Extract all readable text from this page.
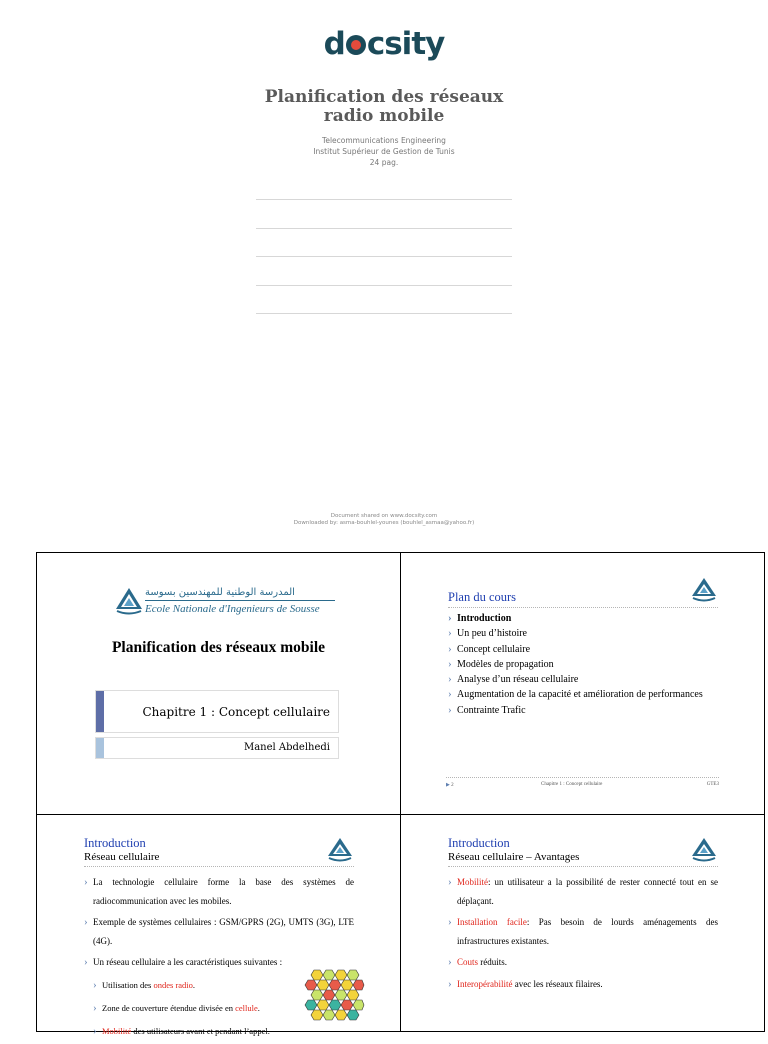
d csity
Planification des réseaux
radio mobile
Telecommunications Engineering
Institut Supérieur de Gestion de Tunis
24 pag.
Document shared on www.docsity.com
Downloaded by: asma-bouhlel-younes (bouhlel_asmaa@yahoo.fr)
المدرسة الوطنية للمهندسين بسوسة
Ecole Nationale d'Ingenieurs de Sousse
Planification des réseaux mobile
Chapitre 1 : Concept cellulaire
Manel Abdelhedi
Plan du cours
› Introduction
› Un peu d’histoire
› Concept cellulaire
› Modèles de propagation
› Analyse d’un réseau cellulaire
› Augmentation de la capacité et amélioration de performances
› Contrainte Trafic
▶ 2	Chapitre 1 : Concept cellulaire	GTE3
Introduction
Réseau cellulaire
› La technologie cellulaire forme la base des systèmes de radiocommunication avec les mobiles.
› Exemple de systèmes cellulaires : GSM/GPRS (2G), UMTS (3G), LTE (4G).
› Un réseau cellulaire a les caractéristiques suivantes :
› Utilisation des ondes radio.
› Zone de couverture étendue divisée en cellule.
› Mobilité des utilisateurs avant et pendant l’appel.
Introduction
Réseau cellulaire – Avantages
› Mobilité: un utilisateur a la possibilité de rester connecté tout en se déplaçant.
› Installation facile: Pas besoin de lourds aménagements des infrastructures existantes.
› Couts réduits.
› Interopérabilité avec les réseaux filaires.
